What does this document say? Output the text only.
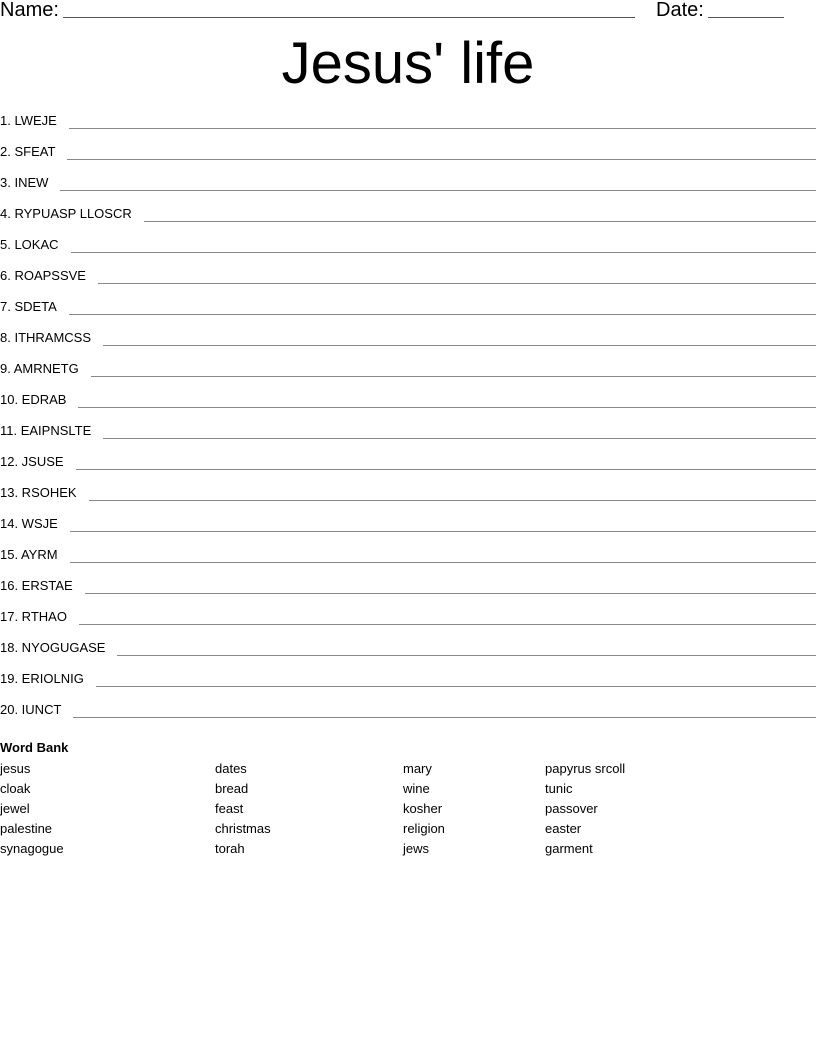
Name:	Date:
Jesus' life
1. LWEJE
2. SFEAT
3. INEW
4. RYPUASP LLOSCR
5. LOKAC
6. ROAPSSVE
7. SDETA
8. ITHRAMCSS
9. AMRNETG
10. EDRAB
11. EAIPNSLTE
12. JSUSE
13. RSOHEK
14. WSJE
15. AYRM
16. ERSTAE
17. RTHAO
18. NYOGUGASE
19. ERIOLNIG
20. IUNCT
Word Bank
jesus
cloak
jewel
palestine
synagogue
dates
bread
feast
christmas
torah
mary
wine
kosher
religion
jews
papyrus srcoll
tunic
passover
easter
garment
